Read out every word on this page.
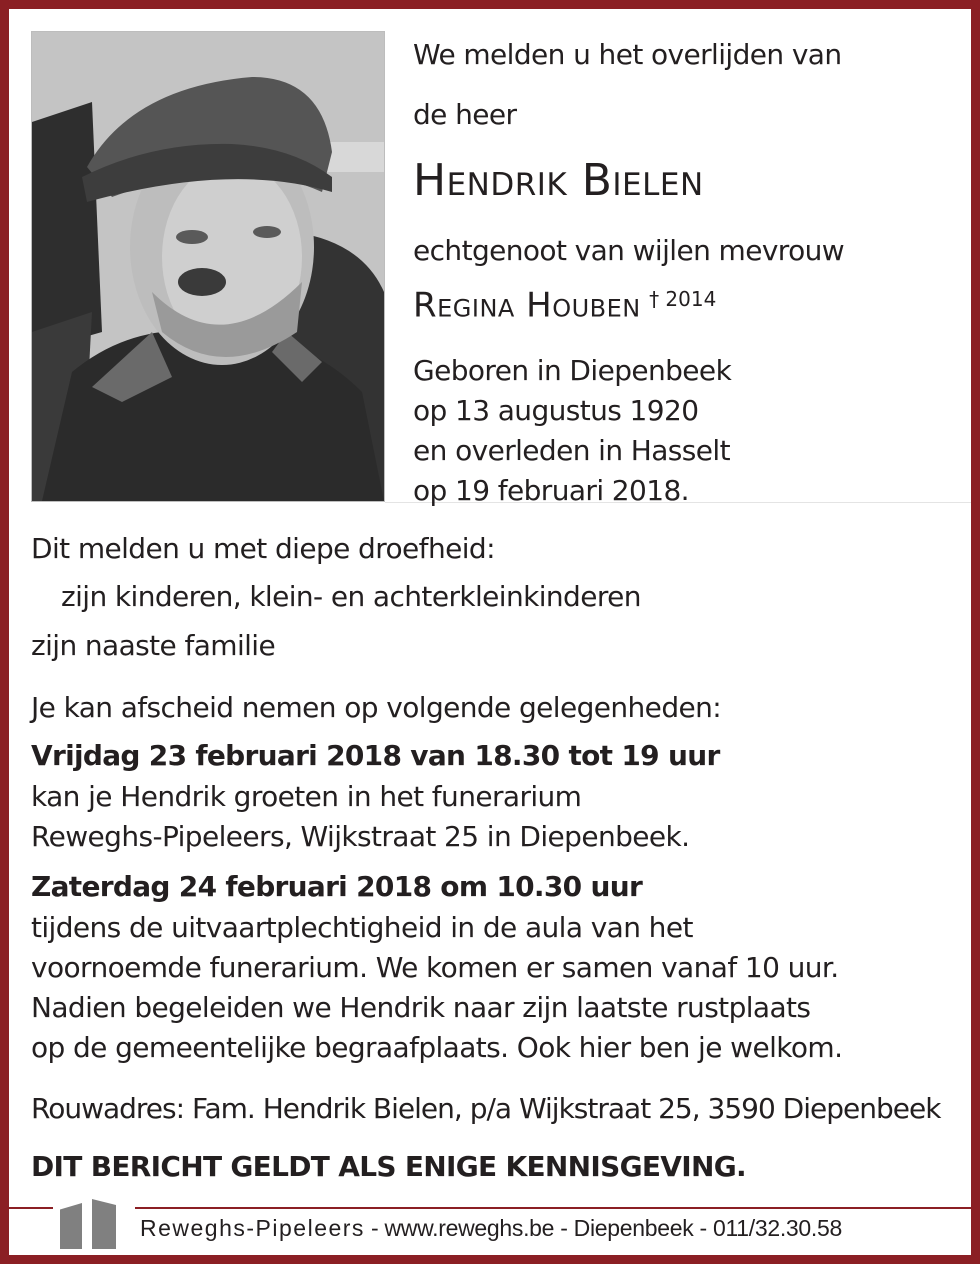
We melden u het overlijden van
de heer
Hendrik Bielen
echtgenoot van wijlen mevrouw
Regina Houben $^{\dagger 2014}$
Geboren in Diepenbeek
op 13 augustus 1920
en overleden in Hasselt
op 19 februari 2018.
Dit melden u met diepe droefheid:
zijn kinderen, klein- en achterkleinkinderen
zijn naaste familie
Je kan afscheid nemen op volgende gelegenheden:
Vrijdag 23 februari 2018 van 18.30 tot 19 uur
kan je Hendrik groeten in het funerarium
Reweghs-Pipeleers, Wijkstraat 25 in Diepenbeek.
Zaterdag 24 februari 2018 om 10.30 uur
tijdens de uitvaartplechtigheid in de aula van het
voornoemde funerarium. We komen er samen vanaf 10 uur.
Nadien begeleiden we Hendrik naar zijn laatste rustplaats
op de gemeentelijke begraafplaats. Ook hier ben je welkom.
Rouwadres: Fam. Hendrik Bielen, p/a Wijkstraat 25, 3590 Diepenbeek
DIT BERICHT GELDT ALS ENIGE KENNISGEVING.
Reweghs-Pipeleers - www.reweghs.be - Diepenbeek - 011/32.30.58
